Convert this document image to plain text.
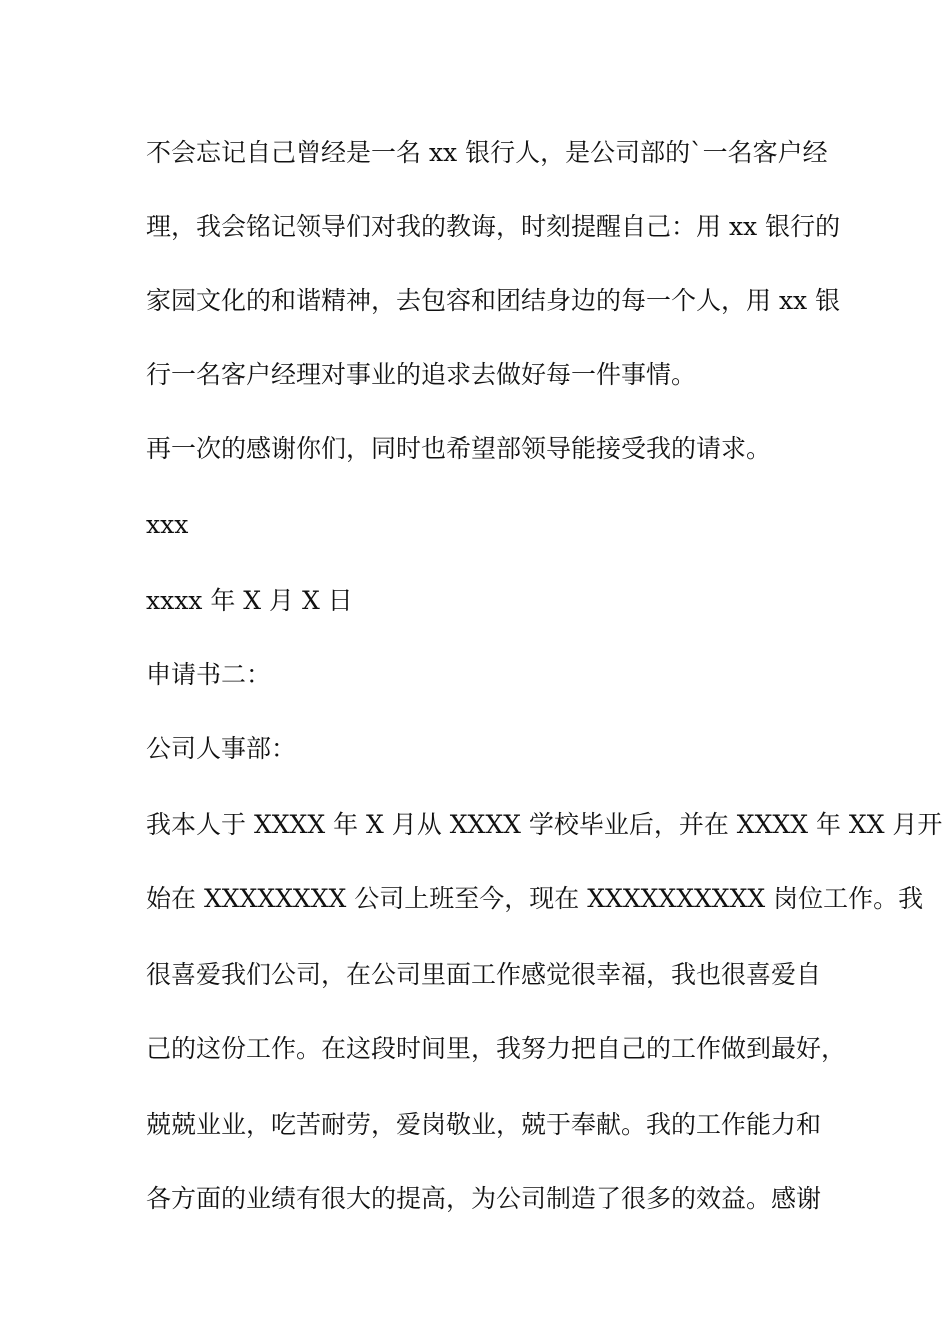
不会忘记自己曾经是一名 xx 银行人，是公司部的`一名客户经

理，我会铭记领导们对我的教诲，时刻提醒自己：用 xx 银行的

家园文化的和谐精神，去包容和团结身边的每一个人，用 xx 银

行一名客户经理对事业的追求去做好每一件事情。

再一次的感谢你们，同时也希望部领导能接受我的请求。

xxx

xxxx 年 X 月 X 日

申请书二：

公司人事部：

我本人于 XXXX 年 X 月从 XXXX 学校毕业后，并在 XXXX 年 XX 月开

始在 XXXXXXXX 公司上班至今，现在 XXXXXXXXXX 岗位工作。我

很喜爱我们公司，在公司里面工作感觉很幸福，我也很喜爱自

己的这份工作。在这段时间里，我努力把自己的工作做到最好，

兢兢业业，吃苦耐劳，爱岗敬业，兢于奉献。我的工作能力和

各方面的业绩有很大的提高，为公司制造了很多的效益。感谢
